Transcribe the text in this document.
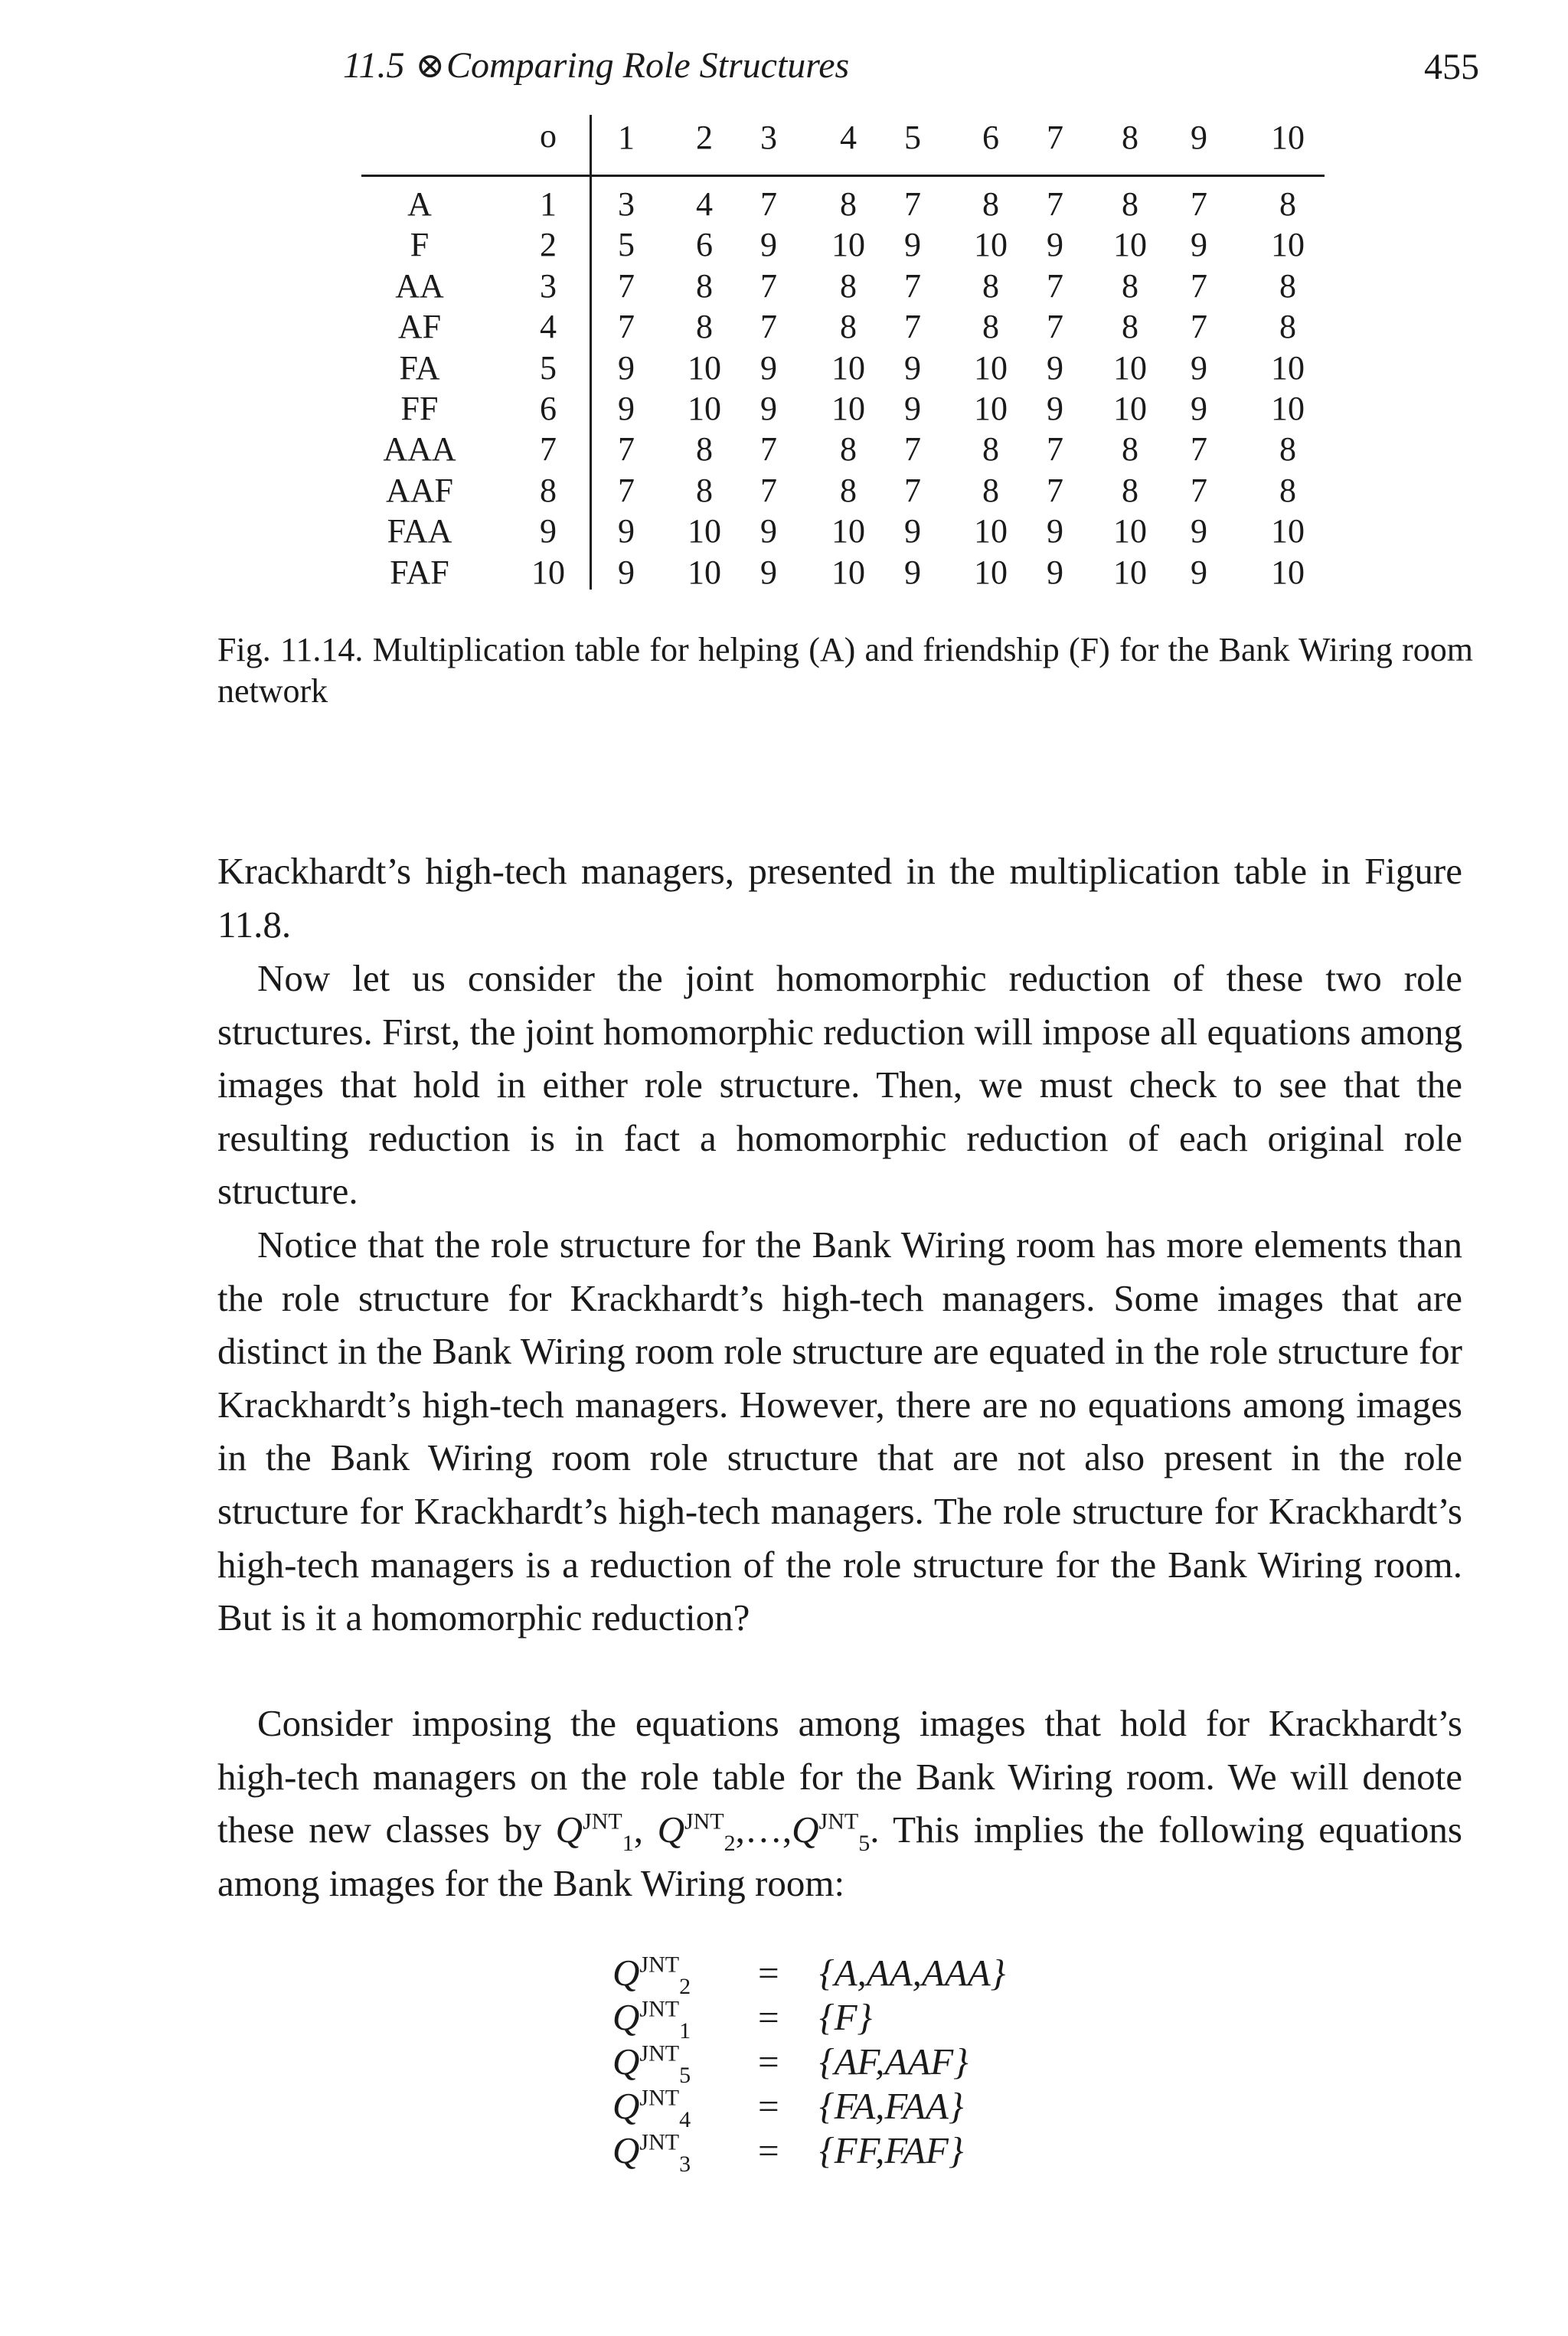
11.5 ⊗Comparing Role Structures	455
o	1	2	3	4	5	6	7	8	9	10
A	1	3	4	7	8	7	8	7	8	7	8
F	2	5	6	9	10	9	10	9	10	9	10
AA	3	7	8	7	8	7	8	7	8	7	8
AF	4	7	8	7	8	7	8	7	8	7	8
FA	5	9	10	9	10	9	10	9	10	9	10
FF	6	9	10	9	10	9	10	9	10	9	10
AAA	7	7	8	7	8	7	8	7	8	7	8
AAF	8	7	8	7	8	7	8	7	8	7	8
FAA	9	9	10	9	10	9	10	9	10	9	10
FAF	10	9	10	9	10	9	10	9	10	9	10
Fig. 11.14. Multiplication table for helping (A) and friendship (F) for the Bank Wiring room network
Krackhardt’s high-tech managers, presented in the multiplication table in Figure 11.8.
Now let us consider the joint homomorphic reduction of these two role structures. First, the joint homomorphic reduction will impose all equations among images that hold in either role structure. Then, we must check to see that the resulting reduction is in fact a homomorphic reduction of each original role structure.
Notice that the role structure for the Bank Wiring room has more elements than the role structure for Krackhardt’s high-tech managers. Some images that are distinct in the Bank Wiring room role structure are equated in the role structure for Krackhardt’s high-tech managers. However, there are no equations among images in the Bank Wiring room role structure that are not also present in the role structure for Krackhardt’s high-tech managers. The role structure for Krackhardt’s high-tech managers is a reduction of the role structure for the Bank Wiring room. But is it a homomorphic reduction?
Consider imposing the equations among images that hold for Krackhardt’s high-tech managers on the role table for the Bank Wiring room. We will denote these new classes by $Q^{JNT}_1$, $Q^{JNT}_2,\dots,Q^{JNT}_5$. This implies the following equations among images for the Bank Wiring room:
$Q^{JNT}_2 = \{A,AA,AAA\}$
$Q^{JNT}_1 = \{F\}$
$Q^{JNT}_5 = \{AF,AAF\}$
$Q^{JNT}_4 = \{FA,FAA\}$
$Q^{JNT}_3 = \{FF,FAF\}$
